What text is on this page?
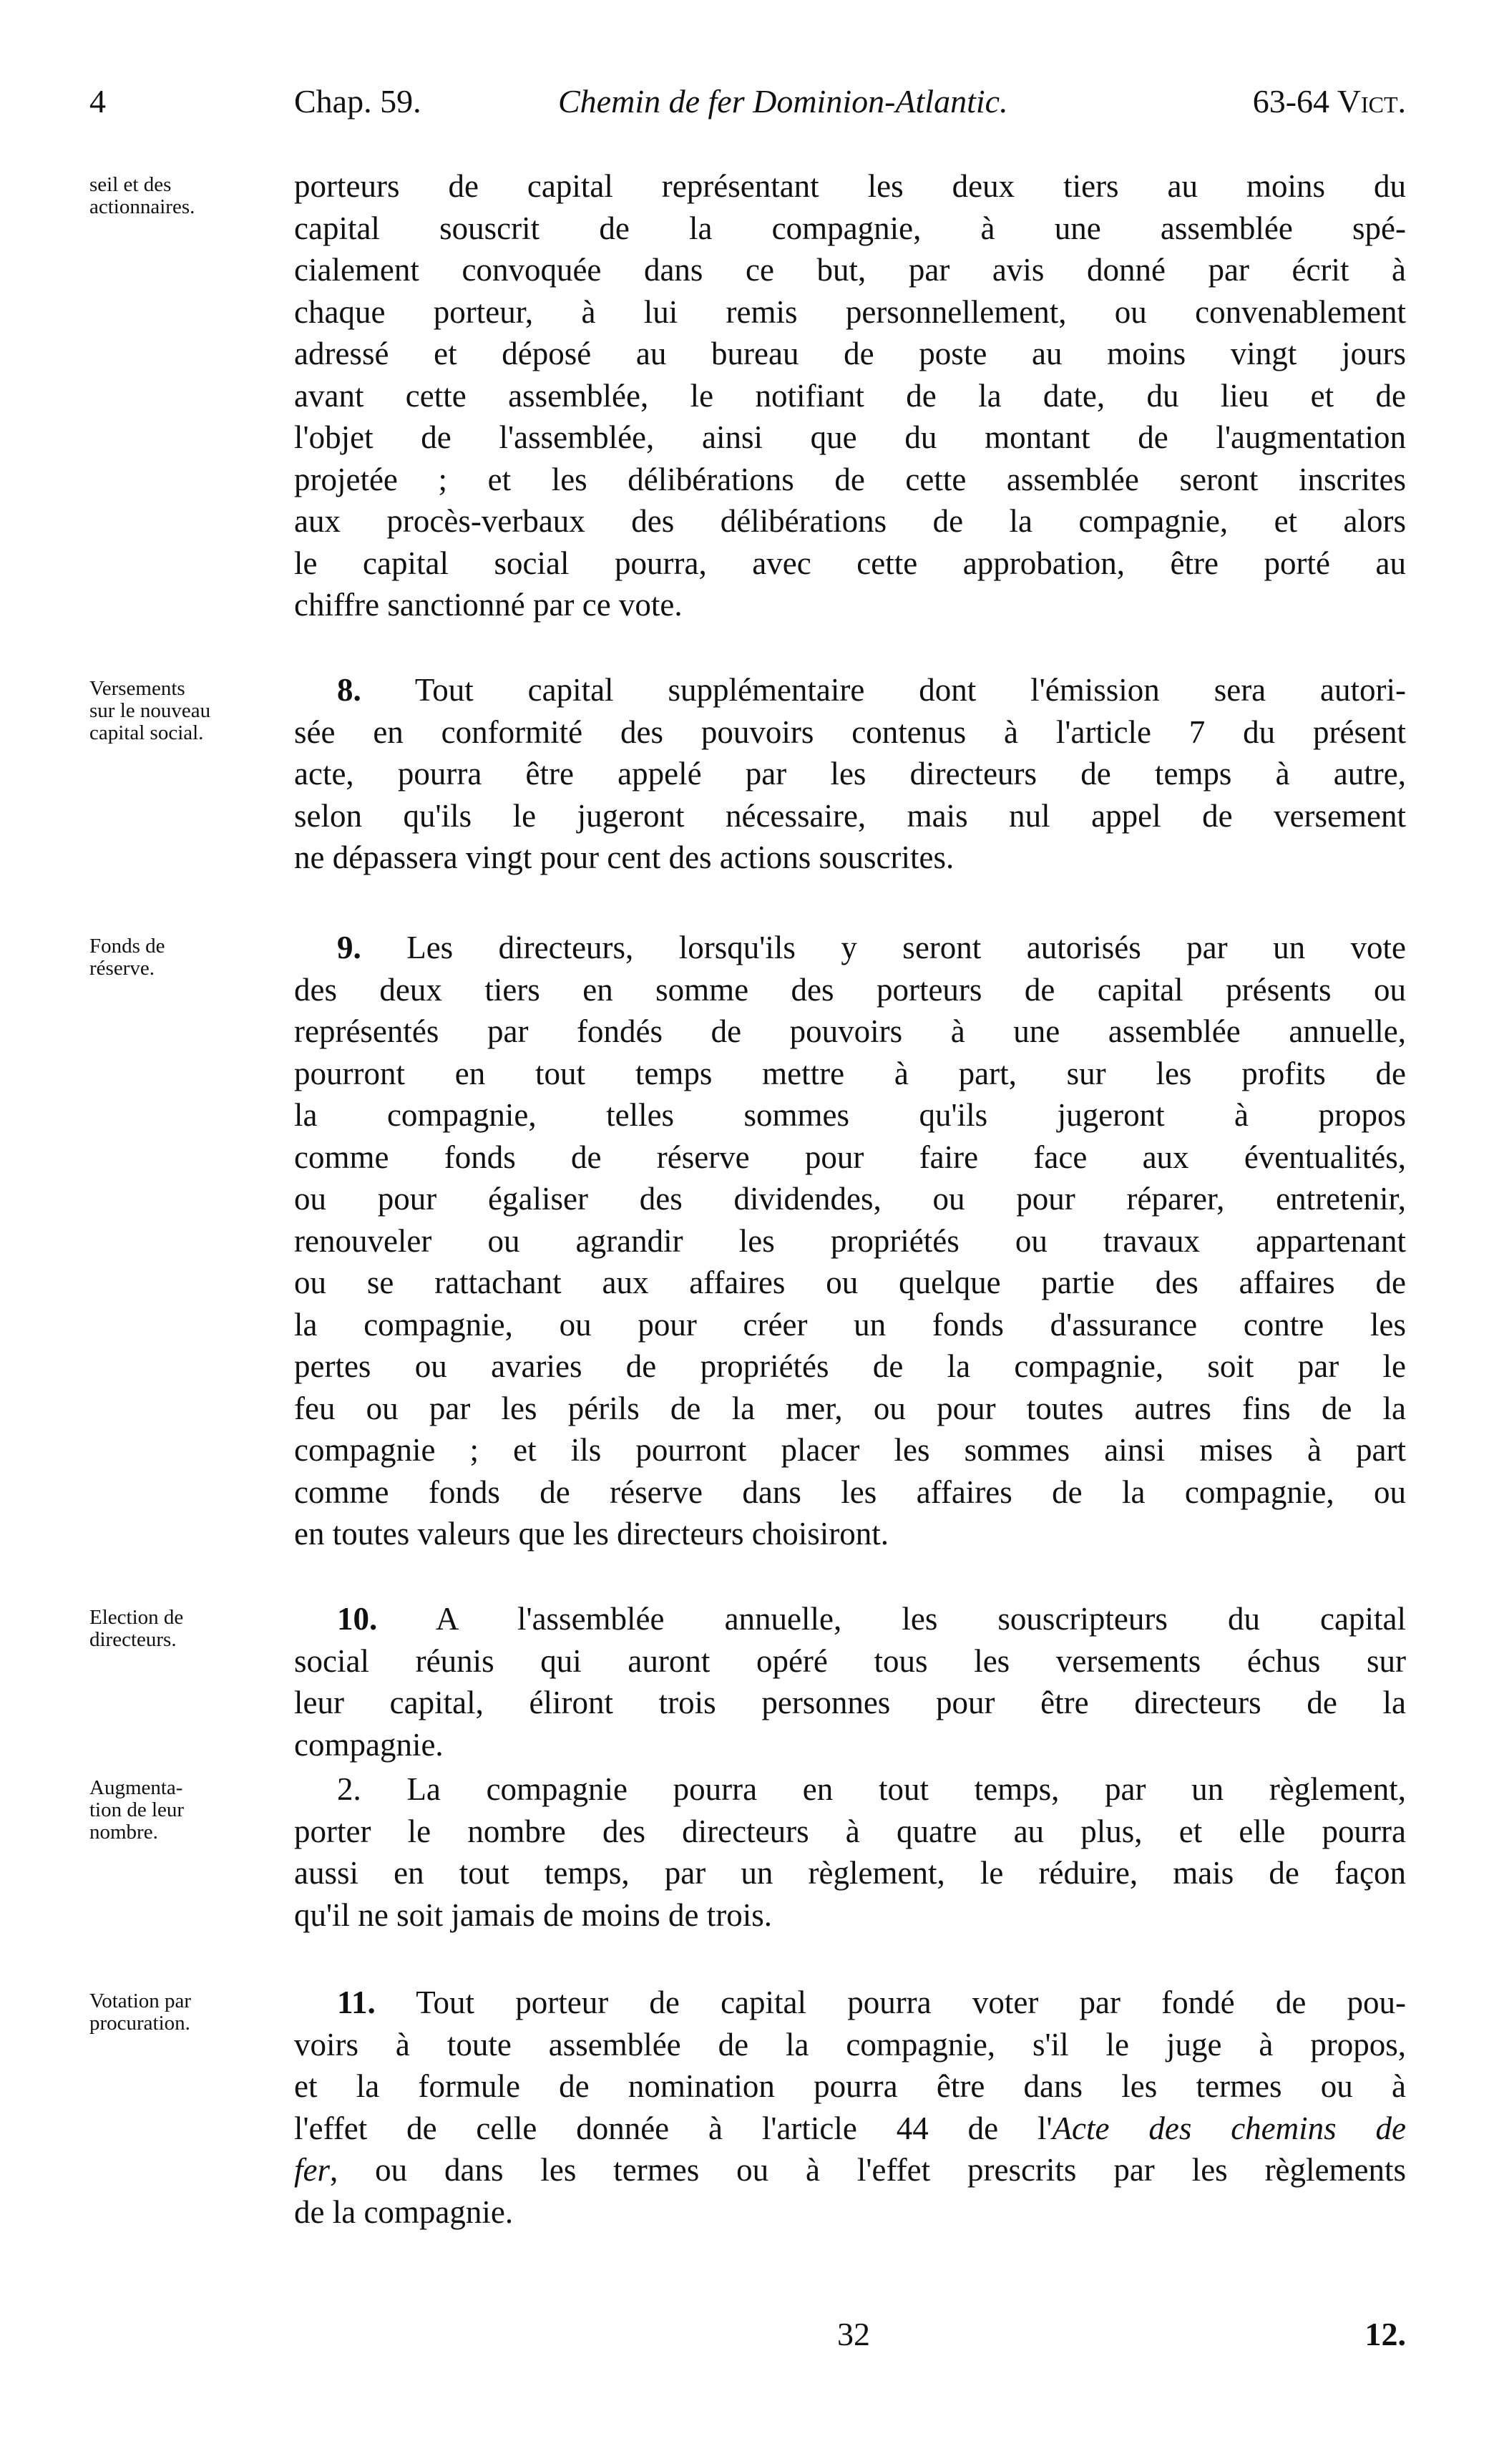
4	Chap. 59.	Chemin de fer Dominion-Atlantic.	63-64 Vict.
seil et des
actionnaires.
Versements
sur le nouveau
capital social.
Fonds de
réserve.
Election de
directeurs.
Augmenta-
tion de leur
nombre.
Votation par
procuration.
porteurs de capital représentant les deux tiers au moins du
capital souscrit de la compagnie, à une assemblée spé-
cialement convoquée dans ce but, par avis donné par écrit à
chaque porteur, à lui remis personnellement, ou convenablement
adressé et déposé au bureau de poste au moins vingt jours
avant cette assemblée, le notifiant de la date, du lieu et de
l'objet de l'assemblée, ainsi que du montant de l'augmentation
projetée ; et les délibérations de cette assemblée seront inscrites
aux procès-verbaux des délibérations de la compagnie, et alors
le capital social pourra, avec cette approbation, être porté au
chiffre sanctionné par ce vote.
8. Tout capital supplémentaire dont l'émission sera autori-
sée en conformité des pouvoirs contenus à l'article 7 du présent
acte, pourra être appelé par les directeurs de temps à autre,
selon qu'ils le jugeront nécessaire, mais nul appel de versement
ne dépassera vingt pour cent des actions souscrites.
9. Les directeurs, lorsqu'ils y seront autorisés par un vote
des deux tiers en somme des porteurs de capital présents ou
représentés par fondés de pouvoirs à une assemblée annuelle,
pourront en tout temps mettre à part, sur les profits de
la compagnie, telles sommes qu'ils jugeront à propos
comme fonds de réserve pour faire face aux éventualités,
ou pour égaliser des dividendes, ou pour réparer, entretenir,
renouveler ou agrandir les propriétés ou travaux appartenant
ou se rattachant aux affaires ou quelque partie des affaires de
la compagnie, ou pour créer un fonds d'assurance contre les
pertes ou avaries de propriétés de la compagnie, soit par le
feu ou par les périls de la mer, ou pour toutes autres fins de la
compagnie ; et ils pourront placer les sommes ainsi mises à part
comme fonds de réserve dans les affaires de la compagnie, ou
en toutes valeurs que les directeurs choisiront.
10. A l'assemblée annuelle, les souscripteurs du capital
social réunis qui auront opéré tous les versements échus sur
leur capital, éliront trois personnes pour être directeurs de la
compagnie.
2. La compagnie pourra en tout temps, par un règlement,
porter le nombre des directeurs à quatre au plus, et elle pourra
aussi en tout temps, par un règlement, le réduire, mais de façon
qu'il ne soit jamais de moins de trois.
11. Tout porteur de capital pourra voter par fondé de pou-
voirs à toute assemblée de la compagnie, s'il le juge à propos,
et la formule de nomination pourra être dans les termes ou à
l'effet de celle donnée à l'article 44 de l'Acte des chemins de
fer, ou dans les termes ou à l'effet prescrits par les règlements
de la compagnie.
32	12.
